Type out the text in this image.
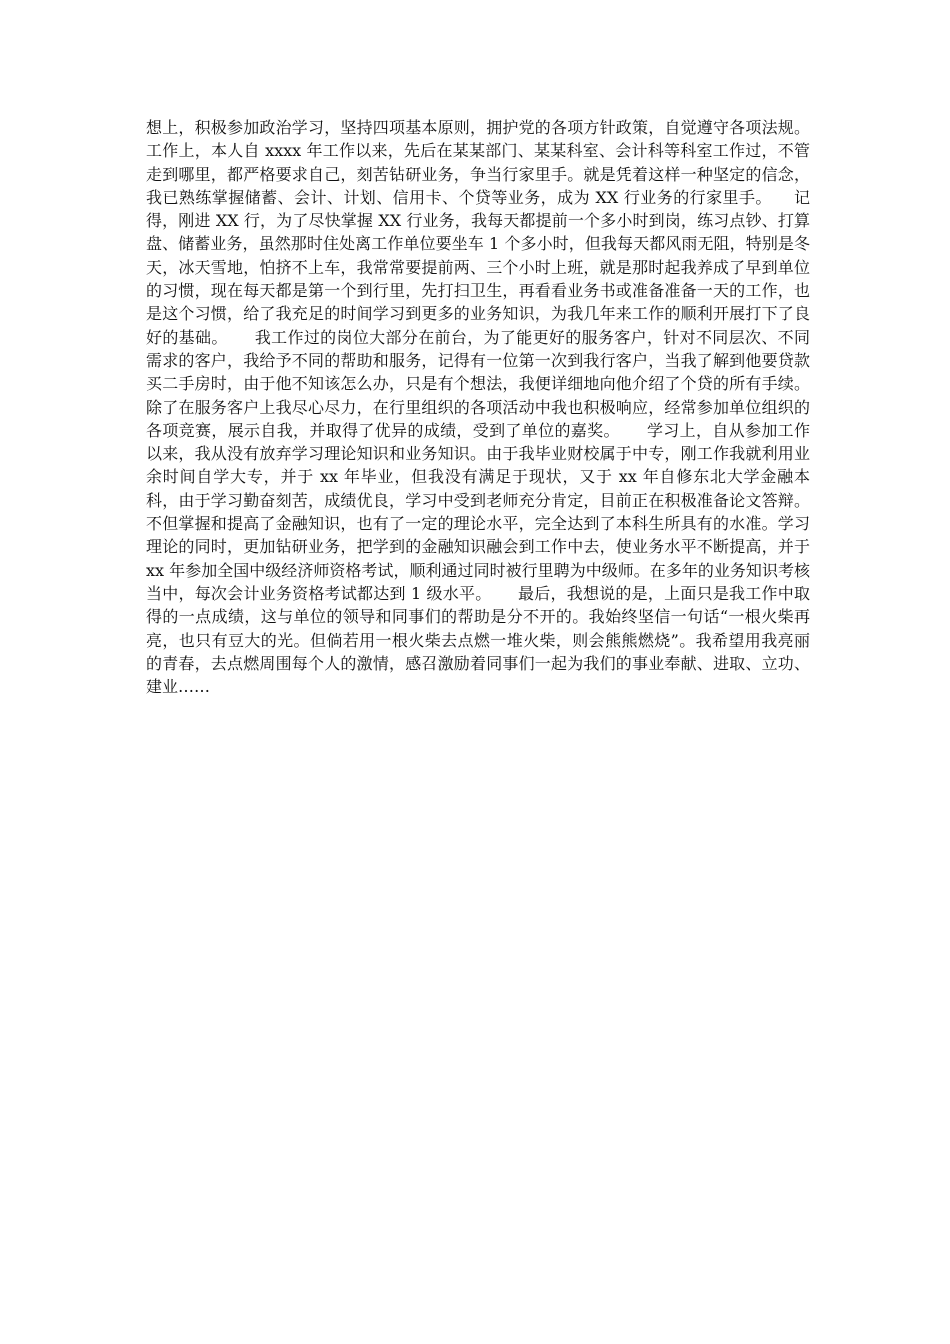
想上，积极参加政治学习，坚持四项基本原则，拥护党的各项方针政策，自觉遵守各项法规。            工作上，本人自 xxxx 年工作以来，先后在某某部门、某某科室、会计科等科室工作过，不管走到哪里，都严格要求自己，刻苦钻研业务，争当行家里手。就是凭着这样一种坚定的信念，我已熟练掌握储蓄、会计、计划、信用卡、个贷等业务，成为 XX 行业务的行家里手。    记得，刚进 XX 行，为了尽快掌握 XX 行业务，我每天都提前一个多小时到岗，练习点钞、打算盘、储蓄业务，虽然那时住处离工作单位要坐车 1 个多小时，但我每天都风雨无阻，特别是冬天，冰天雪地，怕挤不上车，我常常要提前两、三个小时上班，就是那时起我养成了早到单位的习惯，现在每天都是第一个到行里，先打扫卫生，再看看业务书或准备准备一天的工作，也是这个习惯，给了我充足的时间学习到更多的业务知识，为我几年来工作的顺利开展打下了良好的基础。     我工作过的岗位大部分在前台，为了能更好的服务客户，针对不同层次、不同需求的客户，我给予不同的帮助和服务，记得有一位第一次到我行客户，当我了解到他要贷款买二手房时，由于他不知该怎么办，只是有个想法，我便详细地向他介绍了个贷的所有手续。除了在服务客户上我尽心尽力，在行里组织的各项活动中我也积极响应，经常参加单位组织的各项竞赛，展示自我，并取得了优异的成绩，受到了单位的嘉奖。     学习上，自从参加工作以来，我从没有放弃学习理论知识和业务知识。由于我毕业财校属于中专，刚工作我就利用业余时间自学大专，并于 xx 年毕业，但我没有满足于现状，又于 xx 年自修东北大学金融本科，由于学习勤奋刻苦，成绩优良，学习中受到老师充分肯定，目前正在积极准备论文答辩。不但掌握和提高了金融知识，也有了一定的理论水平，完全达到了本科生所具有的水准。学习理论的同时，更加钻研业务，把学到的金融知识融会到工作中去，使业务水平不断提高，并于 xx 年参加全国中级经济师资格考试，顺利通过同时被行里聘为中级师。在多年的业务知识考核当中，每次会计业务资格考试都达到 1 级水平。     最后，我想说的是，上面只是我工作中取得的一点成绩，这与单位的领导和同事们的帮助是分不开的。我始终坚信一句话“一根火柴再亮，也只有豆大的光。但倘若用一根火柴去点燃一堆火柴，则会熊熊燃烧”。我希望用我亮丽的青春，去点燃周围每个人的激情，感召激励着同事们一起为我们的事业奉献、进取、立功、建业……
